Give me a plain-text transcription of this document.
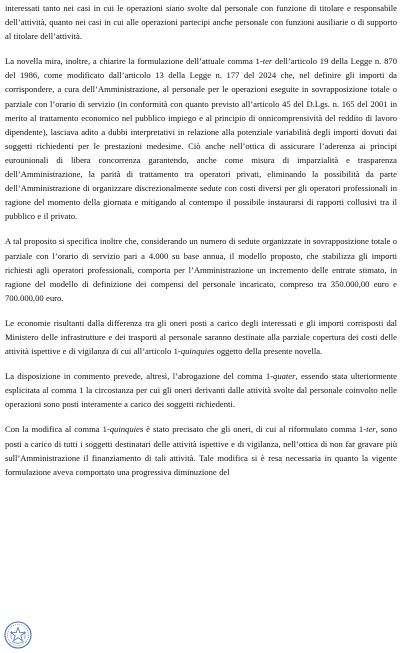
interessati tanto nei casi in cui le operazioni siano svolte dal personale con funzione di titolare e responsabile dell’attività, quanto nei casi in cui alle operazioni partecipi anche personale con funzioni ausiliarie o di supporto al titolare dell’attività.

La novella mira, inoltre, a chiarire la formulazione dell’attuale comma 1-ter dell’articolo 19 della Legge n. 870 del 1986, come modificato dall’articolo 13 della Legge n. 177 del 2024 che, nel definire gli importi da corrispondere, a cura dell’Amministrazione, al personale per le operazioni eseguite in sovrapposizione totale o parziale con l’orario di servizio (in conformità con quanto previsto all’articolo 45 del D.Lgs. n. 165 del 2001 in merito al trattamento economico nel pubblico impiego e al principio di onnicomprensività del reddito di lavoro dipendente), lasciava adito a dubbi interpretativi in relazione alla potenziale variabilità degli importi dovuti dai soggetti richiedenti per le prestazioni medesime. Ciò anche nell’ottica di assicurare l’aderenza ai principi eurounionali di libera concorrenza garantendo, anche come misura di imparzialità e trasparenza dell’Amministrazione, la parità di trattamento tra operatori privati, eliminando la possibilità da parte dell’Amministrazione di organizzare discrezionalmente sedute con costi diversi per gli operatori professionali in ragione del momento della giornata e mitigando al contempo il possibile instaurarsi di rapporti collusivi tra il pubblico e il privato.

A tal proposito si specifica inoltre che, considerando un numero di sedute organizzate in sovrapposizione totale o parziale con l’orario di servizio pari a 4.000 su base annua, il modello proposto, che stabilizza gli importi richiesti agli operatori professionali, comporta per l’Amministrazione un incremento delle entrate stimato, in ragione del modello di definizione dei compensi del personale incaricato, compreso tra 350.000,00 euro e 700.000,00 euro.

Le economie risultanti dalla differenza tra gli oneri posti a carico degli interessati e gli importi corrisposti dal Ministero delle infrastrutture e dei trasporti al personale saranno destinate alla parziale copertura dei costi delle attività ispettive e di vigilanza di cui all’articolo 1-quinquies oggetto della presente novella.

La disposizione in commento prevede, altresì, l’abrogazione del comma 1-quater, essendo stata ulteriormente esplicitata al comma 1 la circostanza per cui gli oneri derivanti dalle attività svolte dal personale coinvolto nelle operazioni sono posti interamente a carico dei soggetti richiedenti.

Con la modifica al comma 1-quinquies è stato precisato che gli oneri, di cui al riformulato comma 1-ter, sono posti a carico di tutti i soggetti destinatari delle attività ispettive e di vigilanza, nell’ottica di non far gravare più sull’Amministrazione il finanziamento di tali attività. Tale modifica si è resa necessaria in quanto la vigente formulazione aveva comportato una progressiva diminuzione del
